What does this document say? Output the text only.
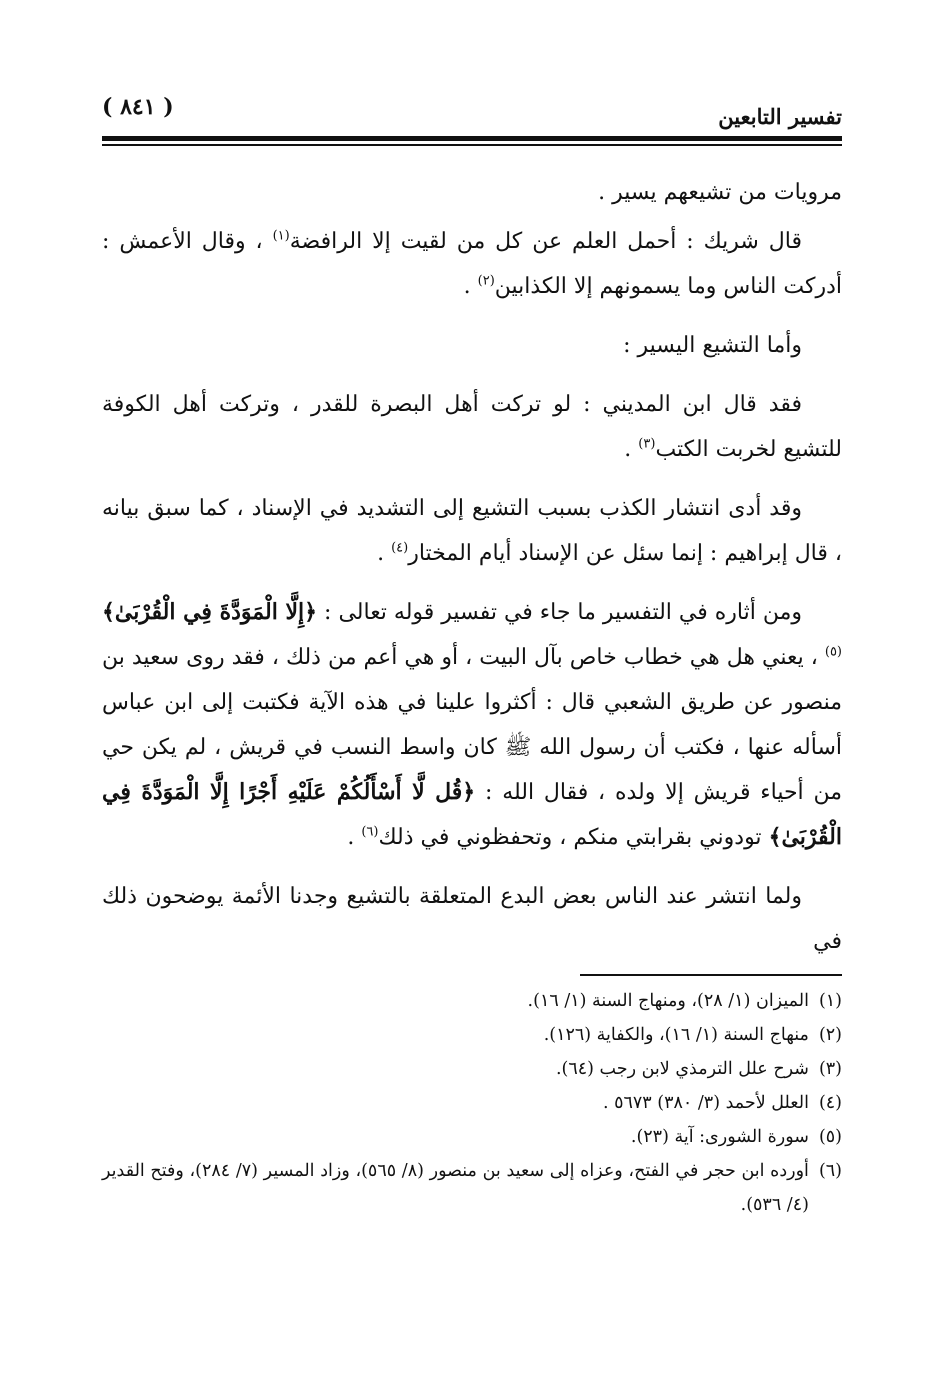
تفسير التابعين
( ٨٤١ )

مرويات من تشيعهم يسير .

قال شريك : أحمل العلم عن كل من لقيت إلا الرافضة$^{(١)}$ ، وقال الأعمش : أدركت الناس وما يسمونهم إلا الكذابين$^{(٢)}$ .

وأما التشيع اليسير :

فقد قال ابن المديني : لو تركت أهل البصرة للقدر ، وتركت أهل الكوفة للتشيع لخربت الكتب$^{(٣)}$ .

وقد أدى انتشار الكذب بسبب التشيع إلى التشديد في الإسناد ، كما سبق بيانه ، قال إبراهيم : إنما سئل عن الإسناد أيام المختار$^{(٤)}$ .

ومن أثاره في التفسير ما جاء في تفسير قوله تعالى : ﴿إِلَّا الْمَوَدَّةَ فِي الْقُرْبَىٰ﴾$^{(٥)}$ ، يعني هل هي خطاب خاص بآل البيت ، أو هي أعم من ذلك ، فقد روى سعيد بن منصور عن طريق الشعبي قال : أكثروا علينا في هذه الآية فكتبت إلى ابن عباس أسأله عنها ، فكتب أن رسول الله ﷺ كان واسط النسب في قريش ، لم يكن حي من أحياء قريش إلا ولده ، فقال الله : ﴿قُل لَّا أَسْأَلُكُمْ عَلَيْهِ أَجْرًا إِلَّا الْمَوَدَّةَ فِي الْقُرْبَىٰ﴾ تودوني بقرابتي منكم ، وتحفظوني في ذلك$^{(٦)}$ .

ولما انتشر عند الناس بعض البدع المتعلقة بالتشيع وجدنا الأئمة يوضحون ذلك في

(١)
الميزان (١/ ٢٨)، ومنهاج السنة (١/ ١٦).
(٢)
منهاج السنة (١/ ١٦)، والكفاية (١٢٦).
(٣)
شرح علل الترمذي لابن رجب (٦٤).
(٤)
العلل لأحمد (٣/ ٣٨٠) ٥٦٧٣ .
(٥)
سورة الشورى: آية (٢٣).
(٦)
أورده ابن حجر في الفتح، وعزاه إلى سعيد بن منصور (٨/ ٥٦٥)، وزاد المسير (٧/ ٢٨٤)، وفتح القدير (٤/ ٥٣٦).
